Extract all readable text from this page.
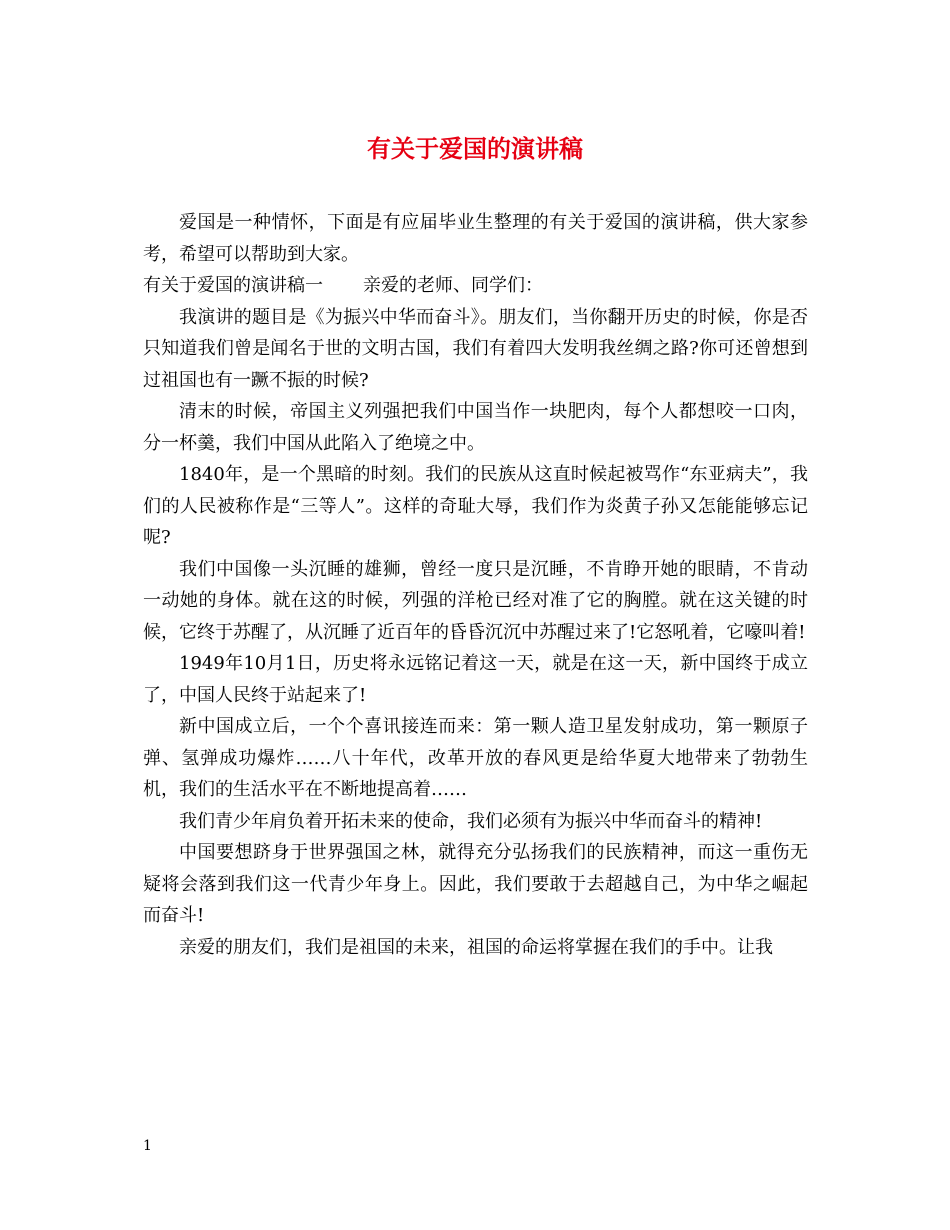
有关于爱国的演讲稿

爱国是一种情怀，下面是有应届毕业生整理的有关于爱国的演讲稿，供大家参考，希望可以帮助到大家。

有关于爱国的演讲稿一 亲爱的老师、同学们：

我演讲的题目是《为振兴中华而奋斗》。朋友们，当你翻开历史的时候，你是否只知道我们曾是闻名于世的文明古国，我们有着四大发明我丝绸之路?你可还曾想到过祖国也有一蹶不振的时候?

清末的时候，帝国主义列强把我们中国当作一块肥肉，每个人都想咬一口肉，分一杯羹，我们中国从此陷入了绝境之中。

1840年，是一个黑暗的时刻。我们的民族从这直时候起被骂作“东亚病夫”，我们的人民被称作是“三等人”。这样的奇耻大辱，我们作为炎黄子孙又怎能能够忘记呢?

我们中国像一头沉睡的雄狮，曾经一度只是沉睡，不肯睁开她的眼睛，不肯动一动她的身体。就在这的时候，列强的洋枪已经对准了它的胸膛。就在这关键的时候，它终于苏醒了，从沉睡了近百年的昏昏沉沉中苏醒过来了!它怒吼着，它嚎叫着!

1949年10月1日，历史将永远铭记着这一天，就是在这一天，新中国终于成立了，中国人民终于站起来了!

新中国成立后，一个个喜讯接连而来：第一颗人造卫星发射成功，第一颗原子弹、氢弹成功爆炸……八十年代，改革开放的春风更是给华夏大地带来了勃勃生机，我们的生活水平在不断地提高着……

我们青少年肩负着开拓未来的使命，我们必须有为振兴中华而奋斗的精神!

中国要想跻身于世界强国之林，就得充分弘扬我们的民族精神，而这一重伤无疑将会落到我们这一代青少年身上。因此，我们要敢于去超越自己，为中华之崛起而奋斗!

亲爱的朋友们，我们是祖国的未来，祖国的命运将掌握在我们的手中。让我

1
